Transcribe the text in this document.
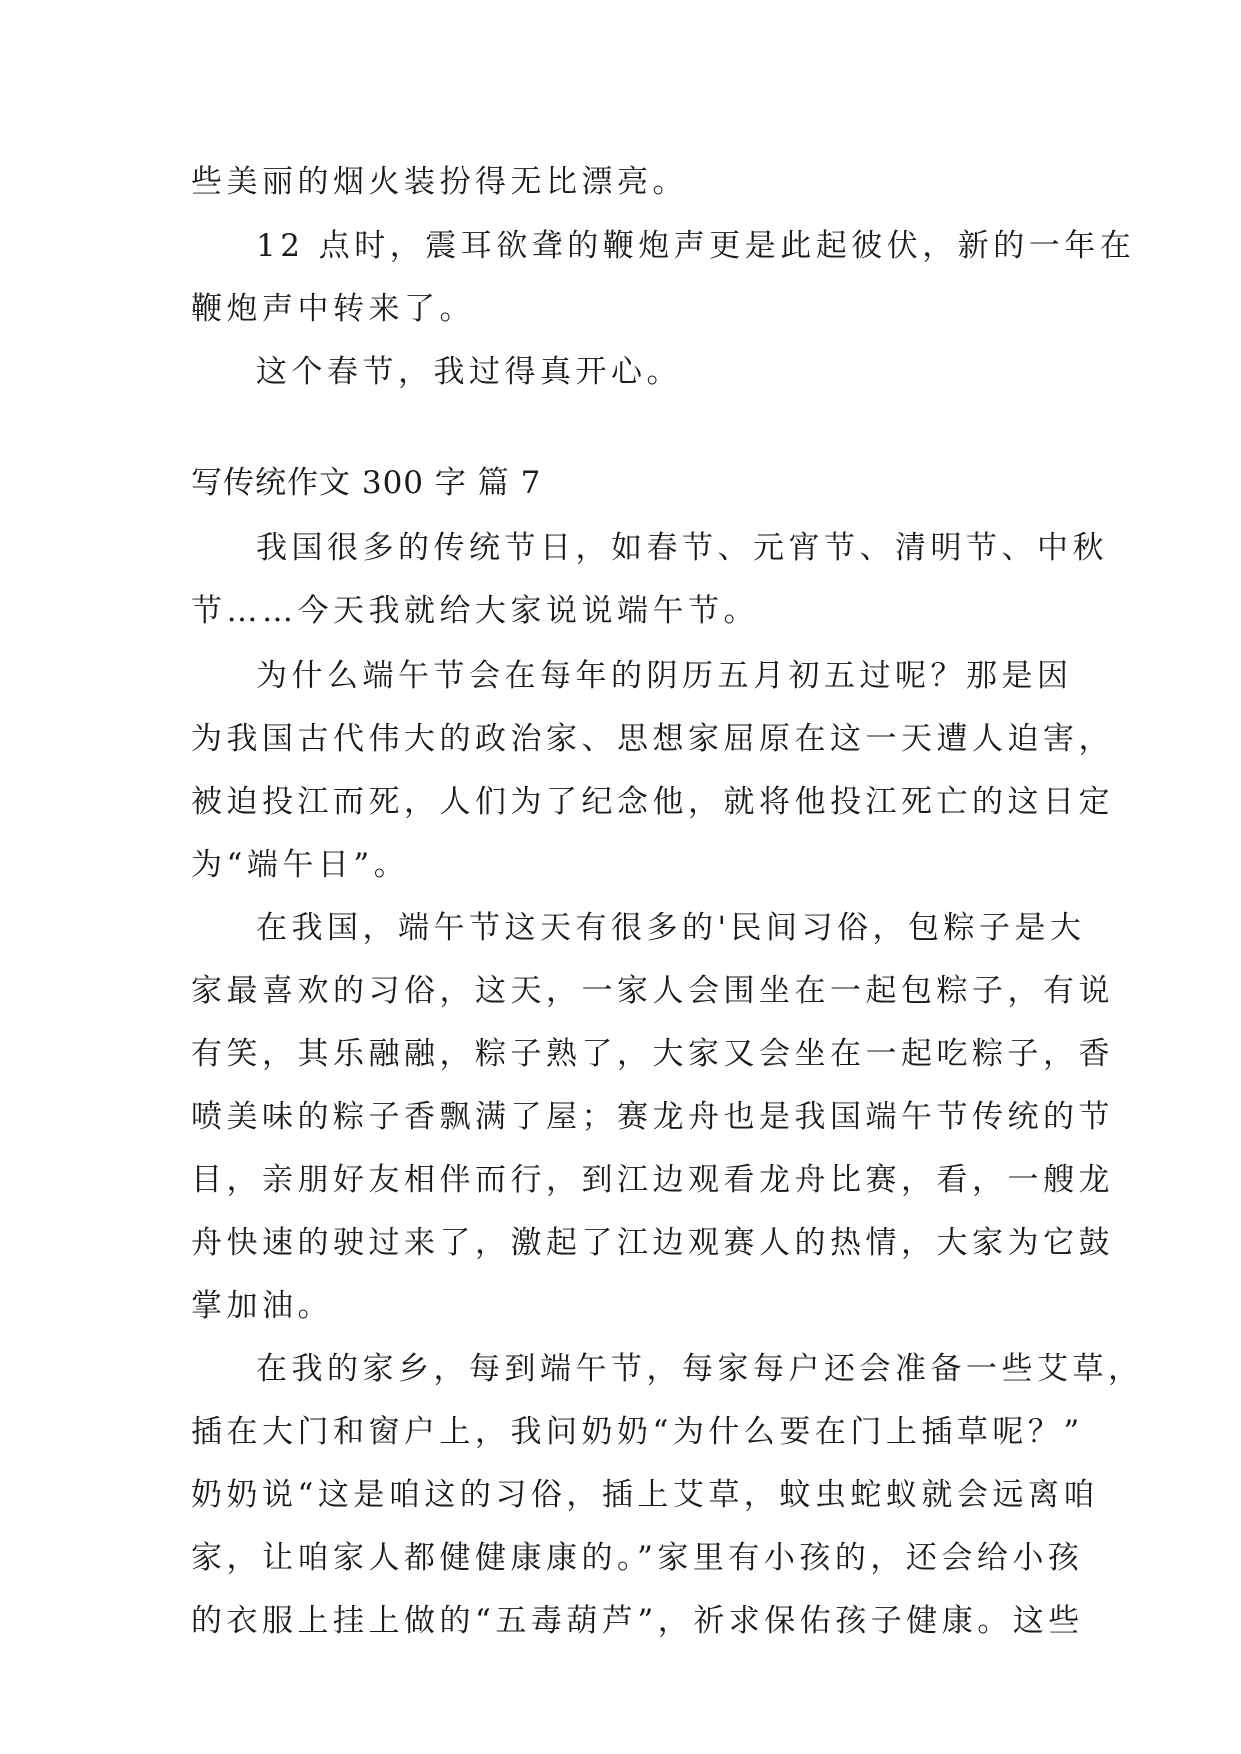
些美丽的烟火装扮得无比漂亮。
12 点时，震耳欲聋的鞭炮声更是此起彼伏，新的一年在
鞭炮声中转来了。
这个春节，我过得真开心。
写传统作文 300 字 篇 7
我国很多的传统节日，如春节、元宵节、清明节、中秋
节……今天我就给大家说说端午节。
为什么端午节会在每年的阴历五月初五过呢？那是因
为我国古代伟大的政治家、思想家屈原在这一天遭人迫害，
被迫投江而死，人们为了纪念他，就将他投江死亡的这日定
为“端午日”。
在我国，端午节这天有很多的'民间习俗，包粽子是大
家最喜欢的习俗，这天，一家人会围坐在一起包粽子，有说
有笑，其乐融融，粽子熟了，大家又会坐在一起吃粽子，香
喷美味的粽子香飘满了屋；赛龙舟也是我国端午节传统的节
目，亲朋好友相伴而行，到江边观看龙舟比赛，看，一艘龙
舟快速的驶过来了，激起了江边观赛人的热情，大家为它鼓
掌加油。
在我的家乡，每到端午节，每家每户还会准备一些艾草，
插在大门和窗户上，我问奶奶“为什么要在门上插草呢？”
奶奶说“这是咱这的习俗，插上艾草，蚊虫蛇蚁就会远离咱
家，让咱家人都健健康康的。”家里有小孩的，还会给小孩
的衣服上挂上做的“五毒葫芦”，祈求保佑孩子健康。这些
